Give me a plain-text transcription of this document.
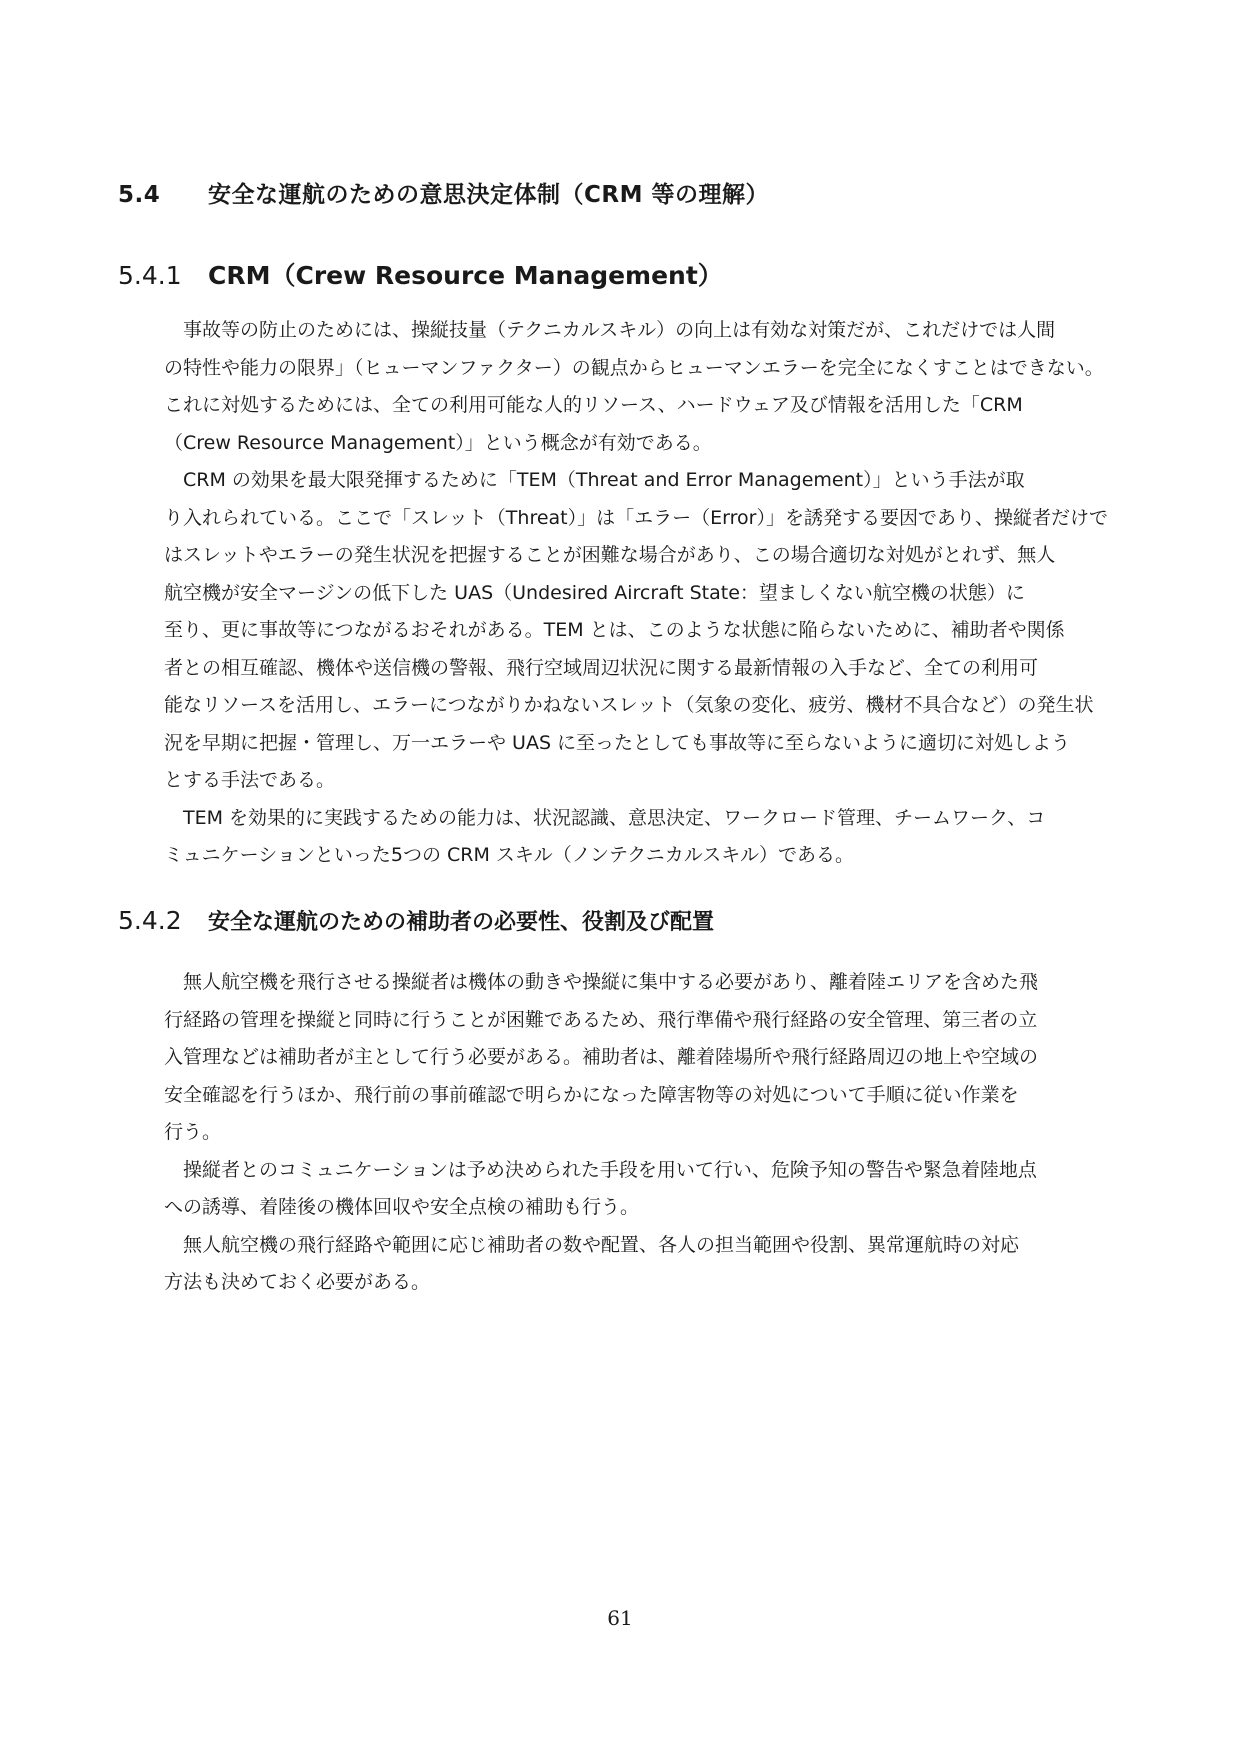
5.4 安全な運航のための意思決定体制（CRM 等の理解）
5.4.1 CRM（Crew Resource Management）
事故等の防止のためには、操縦技量（テクニカルスキル）の向上は有効な対策だが、これだけでは人間
の特性や能力の限界」（ヒューマンファクター）の観点からヒューマンエラーを完全になくすことはできない。
これに対処するためには、全ての利用可能な人的リソース、ハードウェア及び情報を活用した「CRM
（Crew Resource Management）」という概念が有効である。
CRM の効果を最大限発揮するために「TEM（Threat and Error Management）」という手法が取
り入れられている。ここで「スレット（Threat）」は「エラー（Error）」を誘発する要因であり、操縦者だけで
はスレットやエラーの発生状況を把握することが困難な場合があり、この場合適切な対処がとれず、無人
航空機が安全マージンの低下した UAS（Undesired Aircraft State：望ましくない航空機の状態）に
至り、更に事故等につながるおそれがある。TEM とは、このような状態に陥らないために、補助者や関係
者との相互確認、機体や送信機の警報、飛行空域周辺状況に関する最新情報の入手など、全ての利用可
能なリソースを活用し、エラーにつながりかねないスレット（気象の変化、疲労、機材不具合など）の発生状
況を早期に把握・管理し、万一エラーや UAS に至ったとしても事故等に至らないように適切に対処しよう
とする手法である。
TEM を効果的に実践するための能力は、状況認識、意思決定、ワークロード管理、チームワーク、コ
ミュニケーションといった5つの CRM スキル（ノンテクニカルスキル）である。
5.4.2 安全な運航のための補助者の必要性、役割及び配置
無人航空機を飛行させる操縦者は機体の動きや操縦に集中する必要があり、離着陸エリアを含めた飛
行経路の管理を操縦と同時に行うことが困難であるため、飛行準備や飛行経路の安全管理、第三者の立
入管理などは補助者が主として行う必要がある。補助者は、離着陸場所や飛行経路周辺の地上や空域の
安全確認を行うほか、飛行前の事前確認で明らかになった障害物等の対処について手順に従い作業を
行う。
操縦者とのコミュニケーションは予め決められた手段を用いて行い、危険予知の警告や緊急着陸地点
への誘導、着陸後の機体回収や安全点検の補助も行う。
無人航空機の飛行経路や範囲に応じ補助者の数や配置、各人の担当範囲や役割、異常運航時の対応
方法も決めておく必要がある。
61
